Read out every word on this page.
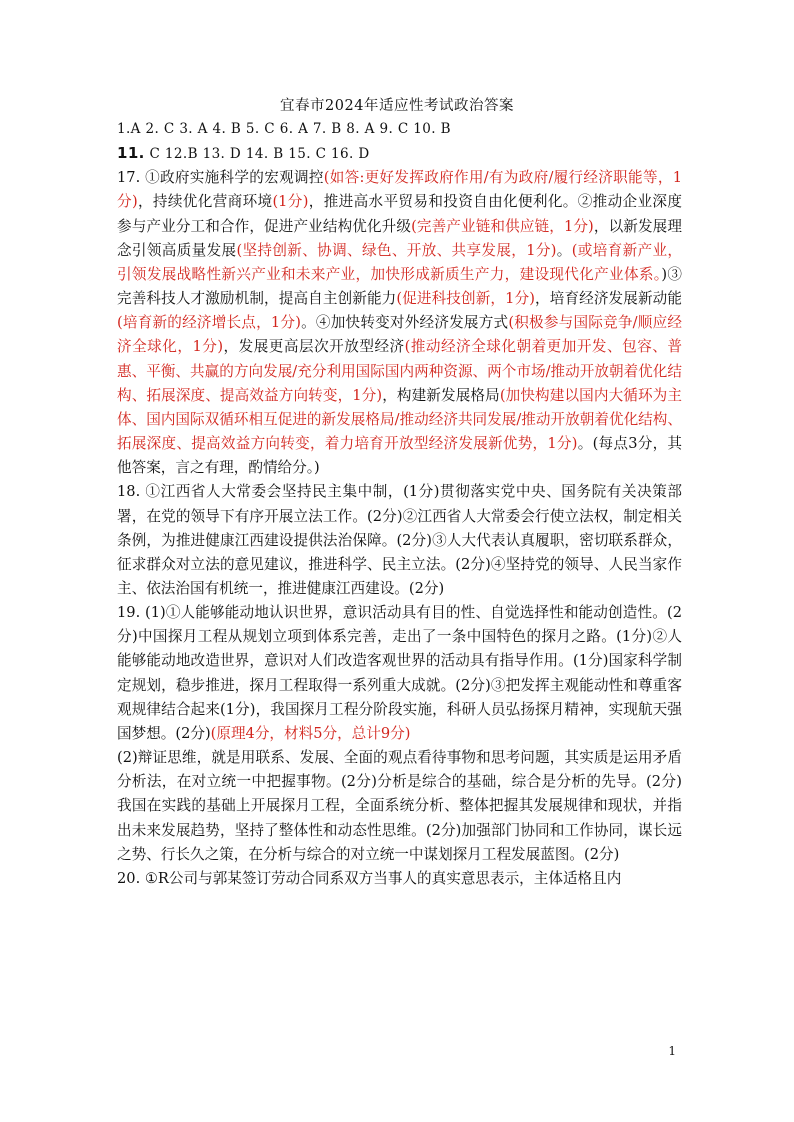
宜春市2024年适应性考试政治答案

1.A 2. C 3. A 4. B 5. C 6. A 7. B 8. A 9. C 10. B

11. C 12.B 13. D 14. B 15. C 16. D

17. ①政府实施科学的宏观调控(如答:更好发挥政府作用/有为政府/履行经济职能等，1分)，持续优化营商环境(1分)，推进高水平贸易和投资自由化便利化。②推动企业深度参与产业分工和合作，促进产业结构优化升级(完善产业链和供应链，1分)，以新发展理念引领高质量发展(坚持创新、协调、绿色、开放、共享发展，1分)。(或培育新产业，引领发展战略性新兴产业和未来产业，加快形成新质生产力，建设现代化产业体系。)③完善科技人才激励机制，提高自主创新能力(促进科技创新，1分)，培育经济发展新动能(培育新的经济增长点，1分)。④加快转变对外经济发展方式(积极参与国际竞争/顺应经济全球化，1分)，发展更高层次开放型经济(推动经济全球化朝着更加开发、包容、普惠、平衡、共赢的方向发展/充分利用国际国内两种资源、两个市场/推动开放朝着优化结构、拓展深度、提高效益方向转变，1分)，构建新发展格局(加快构建以国内大循环为主体、国内国际双循环相互促进的新发展格局/推动经济共同发展/推动开放朝着优化结构、拓展深度、提高效益方向转变，着力培育开放型经济发展新优势，1分)。(每点3分，其他答案，言之有理，酌情给分。)

18. ①江西省人大常委会坚持民主集中制，(1分)贯彻落实党中央、国务院有关决策部署，在党的领导下有序开展立法工作。(2分)②江西省人大常委会行使立法权，制定相关条例，为推进健康江西建设提供法治保障。(2分)③人大代表认真履职，密切联系群众，征求群众对立法的意见建议，推进科学、民主立法。(2分)④坚持党的领导、人民当家作主、依法治国有机统一，推进健康江西建设。(2分)

19. (1)①人能够能动地认识世界，意识活动具有目的性、自觉选择性和能动创造性。(2分)中国探月工程从规划立项到体系完善，走出了一条中国特色的探月之路。(1分)②人能够能动地改造世界，意识对人们改造客观世界的活动具有指导作用。(1分)国家科学制定规划，稳步推进，探月工程取得一系列重大成就。(2分)③把发挥主观能动性和尊重客观规律结合起来(1分)，我国探月工程分阶段实施，科研人员弘扬探月精神，实现航天强国梦想。(2分)(原理4分，材料5分，总计9分)

(2)辩证思维，就是用联系、发展、全面的观点看待事物和思考问题，其实质是运用矛盾分析法，在对立统一中把握事物。(2分)分析是综合的基础，综合是分析的先导。(2分)我国在实践的基础上开展探月工程，全面系统分析、整体把握其发展规律和现状，并指出未来发展趋势，坚持了整体性和动态性思维。(2分)加强部门协同和工作协同，谋长远之势、行长久之策，在分析与综合的对立统一中谋划探月工程发展蓝图。(2分)

20. ①R公司与郭某签订劳动合同系双方当事人的真实意思表示，主体适格且内

1
